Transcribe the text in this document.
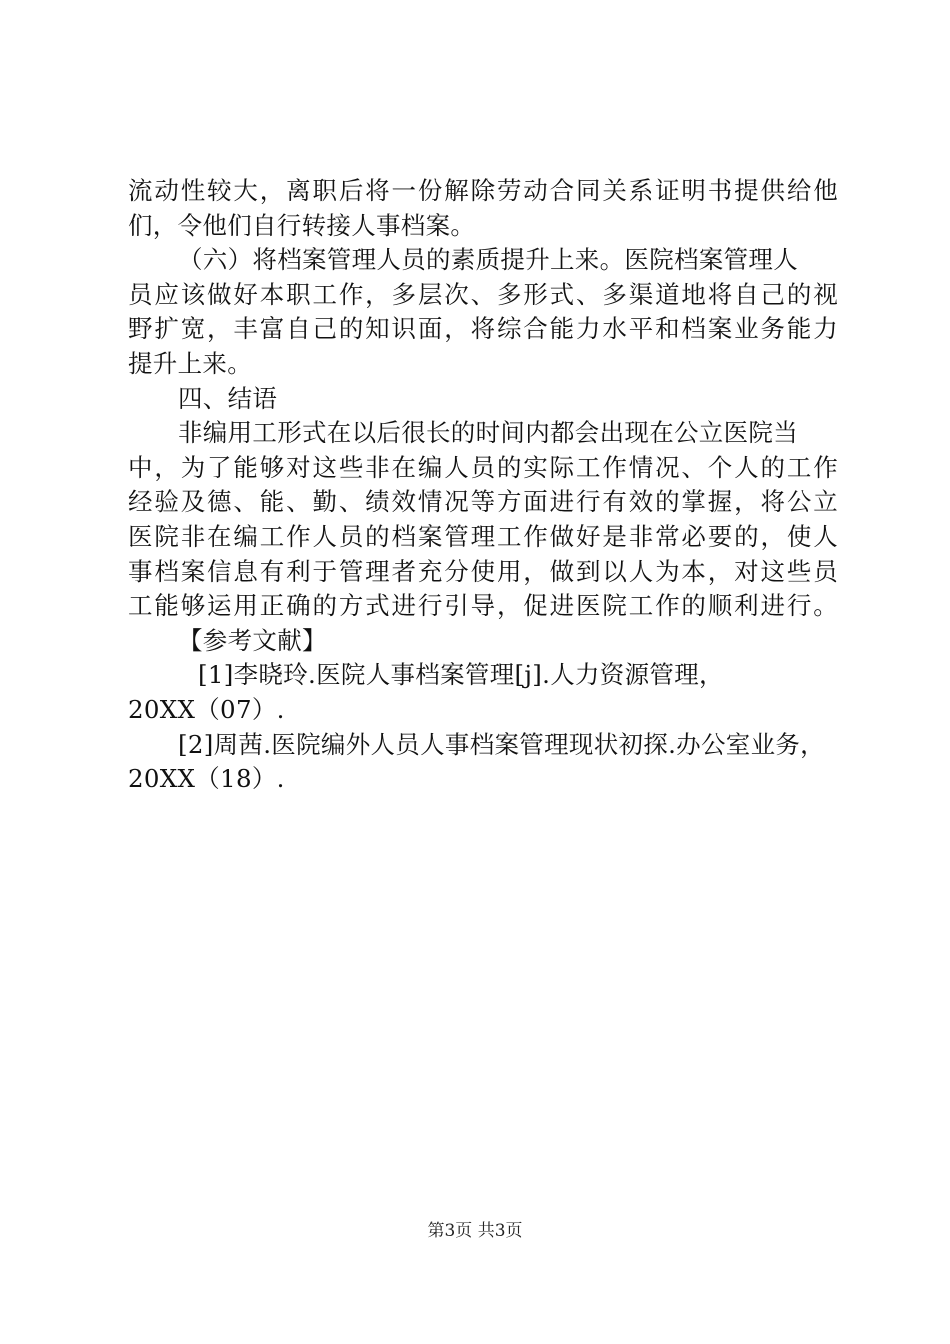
流动性较大，离职后将一份解除劳动合同关系证明书提供给他
们，令他们自行转接人事档案。
（六）将档案管理人员的素质提升上来。医院档案管理人
员应该做好本职工作，多层次、多形式、多渠道地将自己的视
野扩宽，丰富自己的知识面，将综合能力水平和档案业务能力
提升上来。
四、结语
非编用工形式在以后很长的时间内都会出现在公立医院当
中，为了能够对这些非在编人员的实际工作情况、个人的工作
经验及德、能、勤、绩效情况等方面进行有效的掌握，将公立
医院非在编工作人员的档案管理工作做好是非常必要的，使人
事档案信息有利于管理者充分使用，做到以人为本，对这些员
工能够运用正确的方式进行引导，促进医院工作的顺利进行。
【参考文献】
[1]李晓玲.医院人事档案管理[j].人力资源管理，
20XX（07）.
[2]周茜.医院编外人员人事档案管理现状初探.办公室业务，
20XX（18）.
第3页 共3页
